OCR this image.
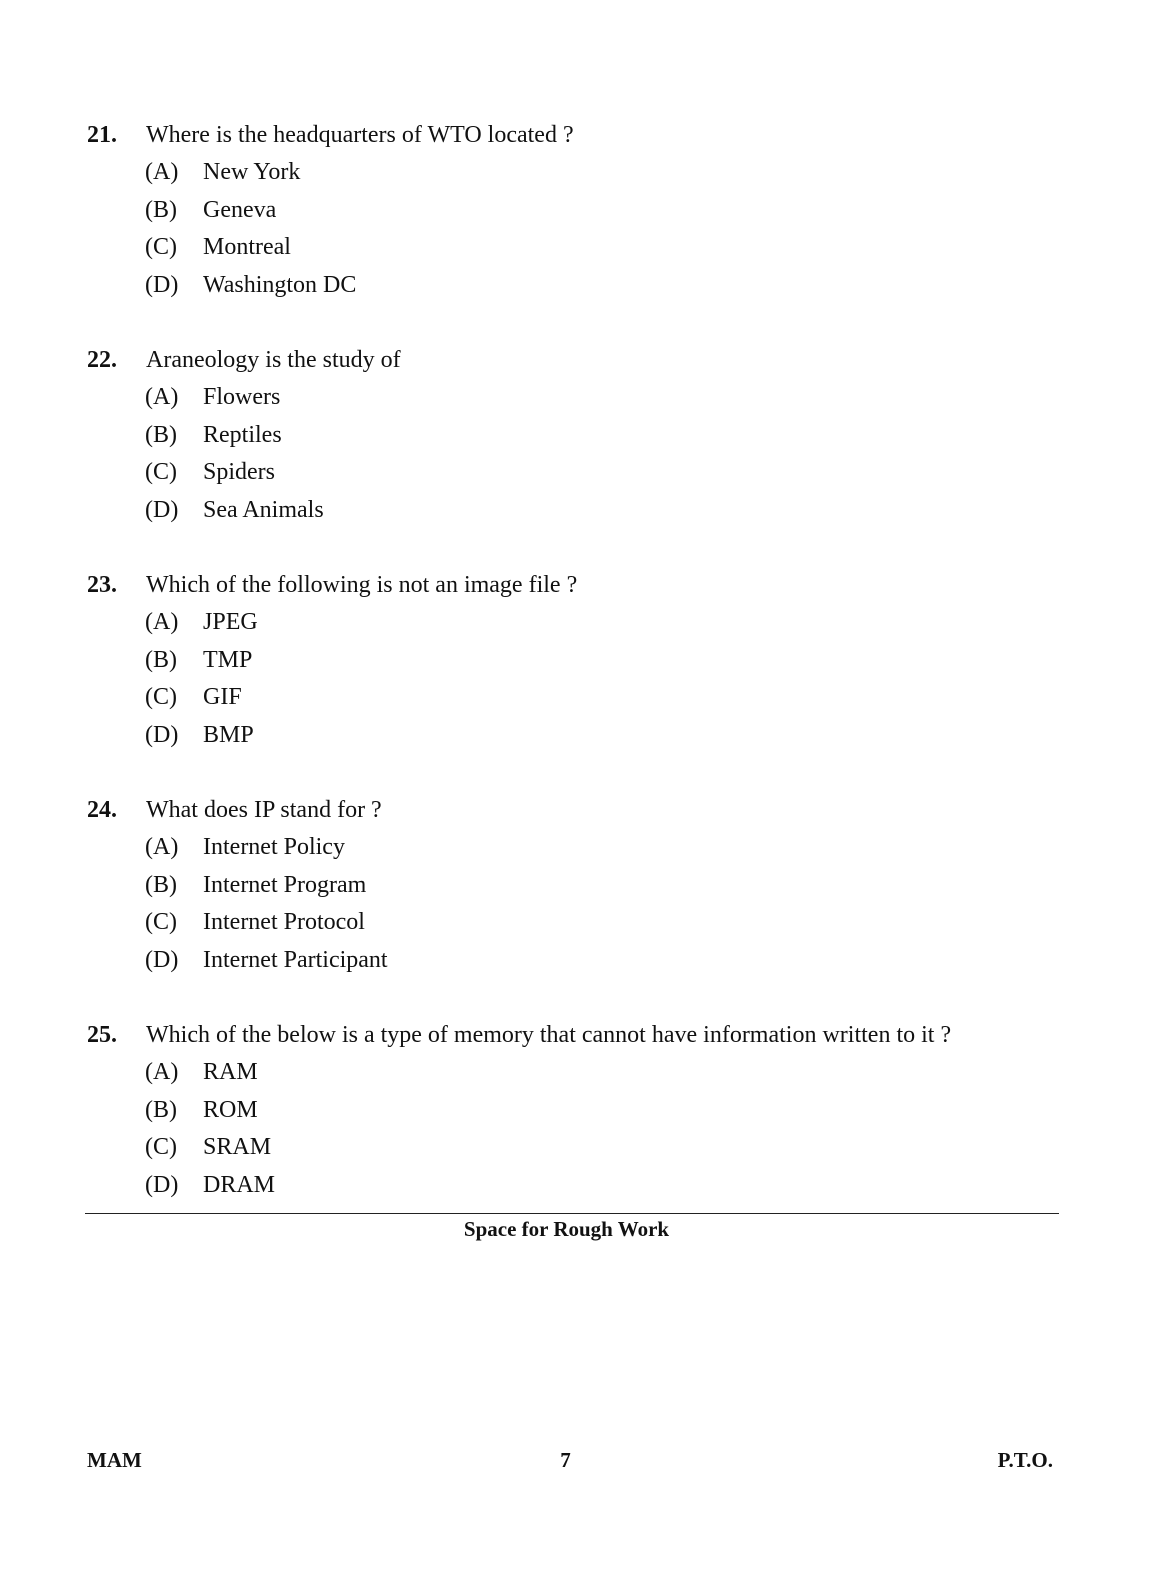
21. Where is the headquarters of WTO located ?
(A) New York
(B) Geneva
(C) Montreal
(D) Washington DC
22. Araneology is the study of
(A) Flowers
(B) Reptiles
(C) Spiders
(D) Sea Animals
23. Which of the following is not an image file ?
(A) JPEG
(B) TMP
(C) GIF
(D) BMP
24. What does IP stand for ?
(A) Internet Policy
(B) Internet Program
(C) Internet Protocol
(D) Internet Participant
25. Which of the below is a type of memory that cannot have information written to it ?
(A) RAM
(B) ROM
(C) SRAM
(D) DRAM
Space for Rough Work
MAM	7	P.T.O.
